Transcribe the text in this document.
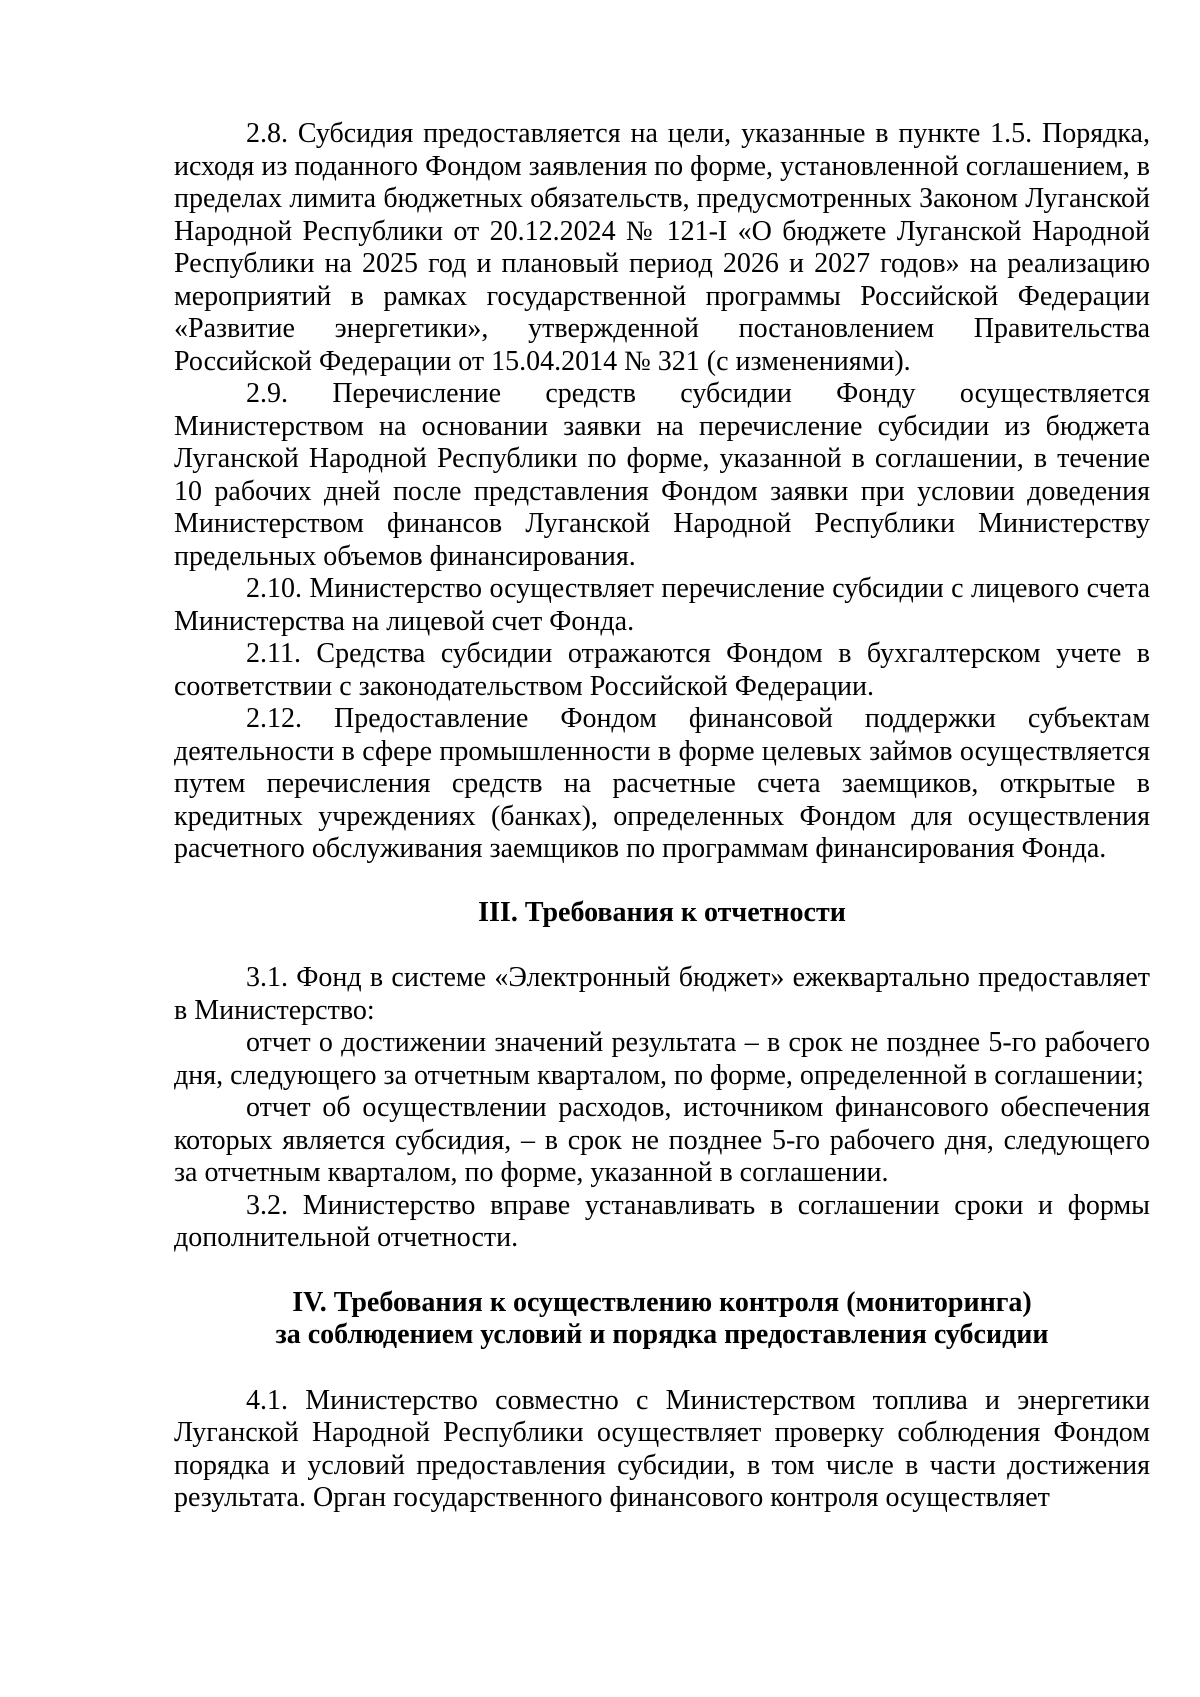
2.8. Субсидия предоставляется на цели, указанные в пункте 1.5. Порядка, исходя из поданного Фондом заявления по форме, установленной соглашением, в пределах лимита бюджетных обязательств, предусмотренных Законом Луганской Народной Республики от 20.12.2024 № 121-I «О бюджете Луганской Народной Республики на 2025 год и плановый период 2026 и 2027 годов» на реализацию мероприятий в рамках государственной программы Российской Федерации «Развитие энергетики», утвержденной постановлением Правительства Российской Федерации от 15.04.2014 № 321 (с изменениями).

2.9. Перечисление средств субсидии Фонду осуществляется Министерством на основании заявки на перечисление субсидии из бюджета Луганской Народной Республики по форме, указанной в соглашении, в течение 10 рабочих дней после представления Фондом заявки при условии доведения Министерством финансов Луганской Народной Республики Министерству предельных объемов финансирования.

2.10. Министерство осуществляет перечисление субсидии с лицевого счета Министерства на лицевой счет Фонда.

2.11. Средства субсидии отражаются Фондом в бухгалтерском учете в соответствии с законодательством Российской Федерации.

2.12. Предоставление Фондом финансовой поддержки субъектам деятельности в сфере промышленности в форме целевых займов осуществляется путем перечисления средств на расчетные счета заемщиков, открытые в кредитных учреждениях (банках), определенных Фондом для осуществления расчетного обслуживания заемщиков по программам финансирования Фонда.

III. Требования к отчетности

3.1. Фонд в системе «Электронный бюджет» ежеквартально предоставляет в Министерство:

отчет о достижении значений результата – в срок не позднее 5-го рабочего дня, следующего за отчетным кварталом, по форме, определенной в соглашении;

отчет об осуществлении расходов, источником финансового обеспечения которых является субсидия, – в срок не позднее 5-го рабочего дня, следующего за отчетным кварталом, по форме, указанной в соглашении.

3.2. Министерство вправе устанавливать в соглашении сроки и формы дополнительной отчетности.

IV. Требования к осуществлению контроля (мониторинга)
за соблюдением условий и порядка предоставления субсидии

4.1. Министерство совместно с Министерством топлива и энергетики Луганской Народной Республики осуществляет проверку соблюдения Фондом порядка и условий предоставления субсидии, в том числе в части достижения результата. Орган государственного финансового контроля осуществляет
